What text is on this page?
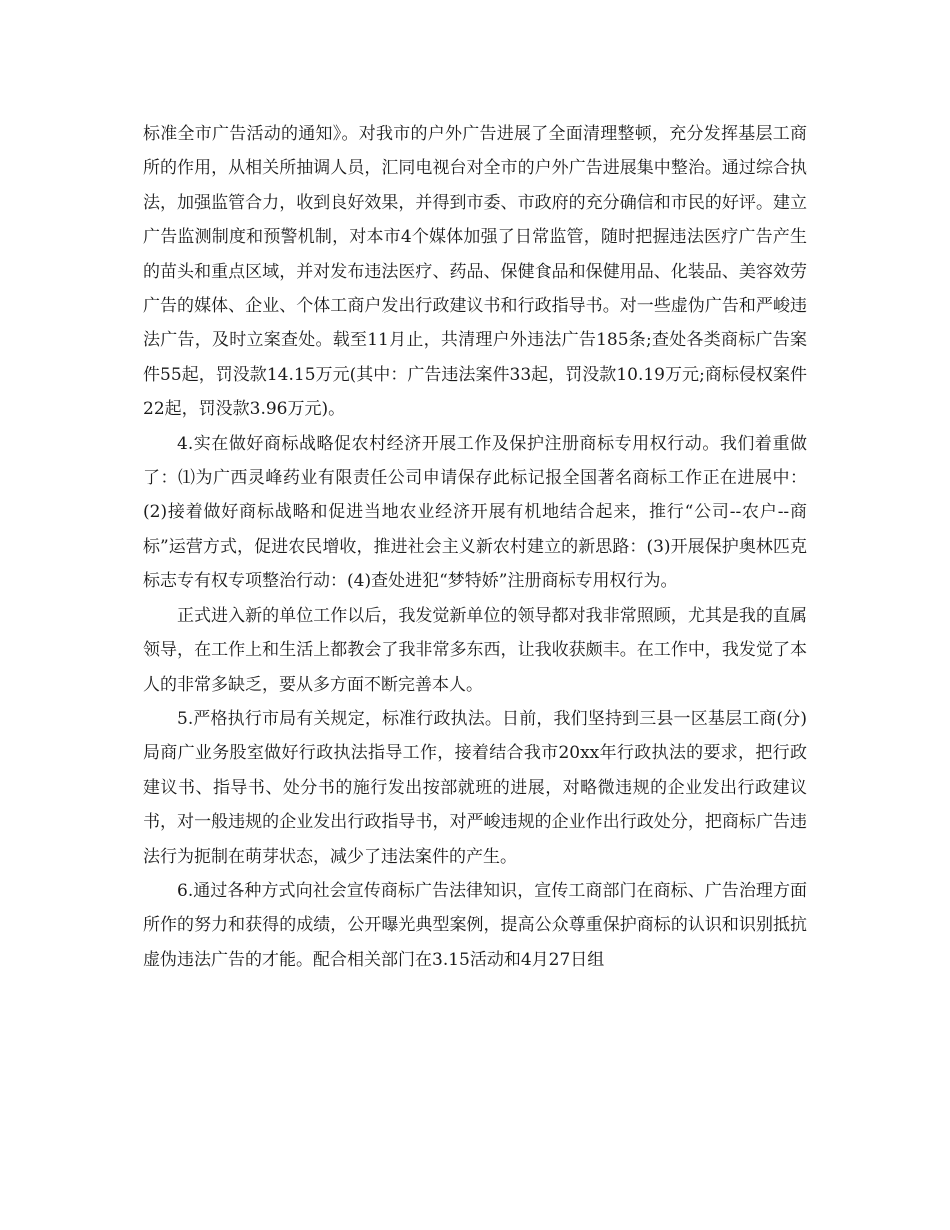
标准全市广告活动的通知》。对我市的户外广告进展了全面清理整顿，充分发挥基层工商所的作用，从相关所抽调人员，汇同电视台对全市的户外广告进展集中整治。通过综合执法，加强监管合力，收到良好效果，并得到市委、市政府的充分确信和市民的好评。建立广告监测制度和预警机制，对本市4个媒体加强了日常监管，随时把握违法医疗广告产生的苗头和重点区域，并对发布违法医疗、药品、保健食品和保健用品、化装品、美容效劳广告的媒体、企业、个体工商户发出行政建议书和行政指导书。对一些虚伪广告和严峻违法广告，及时立案查处。载至11月止，共清理户外违法广告185条;查处各类商标广告案件55起，罚没款14.15万元(其中：广告违法案件33起，罚没款10.19万元;商标侵权案件22起，罚没款3.96万元)。

4.实在做好商标战略促农村经济开展工作及保护注册商标专用权行动。我们着重做了：⑴为广西灵峰药业有限责任公司申请保存此标记报全国著名商标工作正在进展中：(2)接着做好商标战略和促进当地农业经济开展有机地结合起来，推行“公司--农户--商标”运营方式，促进农民增收，推进社会主义新农村建立的新思路：(3)开展保护奥林匹克标志专有权专项整治行动：(4)查处进犯“梦特娇”注册商标专用权行为。

正式进入新的单位工作以后，我发觉新单位的领导都对我非常照顾，尤其是我的直属领导，在工作上和生活上都教会了我非常多东西，让我收获颇丰。在工作中，我发觉了本人的非常多缺乏，要从多方面不断完善本人。

5.严格执行市局有关规定，标准行政执法。日前，我们坚持到三县一区基层工商(分)局商广业务股室做好行政执法指导工作，接着结合我市20xx年行政执法的要求，把行政建议书、指导书、处分书的施行发出按部就班的进展，对略微违规的企业发出行政建议书，对一般违规的企业发出行政指导书，对严峻违规的企业作出行政处分，把商标广告违法行为扼制在萌芽状态，减少了违法案件的产生。

6.通过各种方式向社会宣传商标广告法律知识，宣传工商部门在商标、广告治理方面所作的努力和获得的成绩，公开曝光典型案例，提高公众尊重保护商标的认识和识别抵抗虚伪违法广告的才能。配合相关部门在3.15活动和4月27日组
